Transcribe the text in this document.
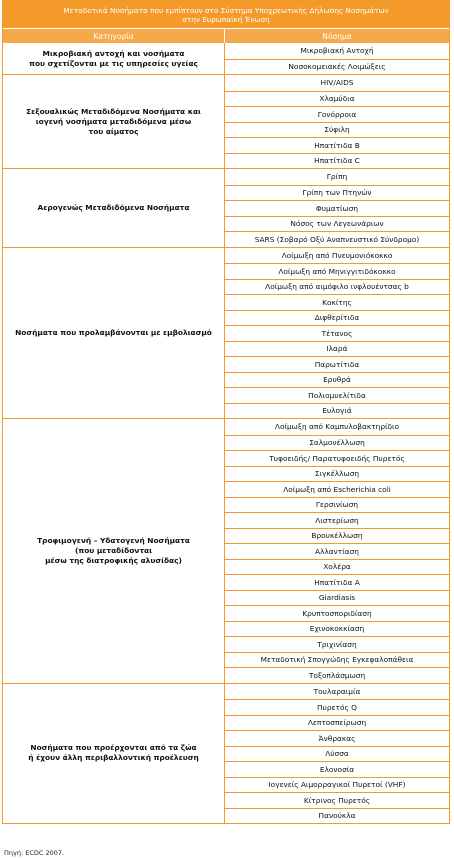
Μεταδοτικά Νοσήματα που εμπίπτουν στο Σύστημα Υποχρεωτικής Δήλωσης Νοσημάτων
στην Ευρωπαϊκή Ένωση
Κατηγορία	Νόσημα
Μικροβιακή αντοχή και νοσήματα
που σχετίζονται με τις υπηρεσίες υγείας
Μικροβιακή Αντοχή
Νοσοκομειακές Λοιμώξεις
Σεξουαλικώς Μεταδιδόμενα Νοσήματα και
ιογενή νοσήματα μεταδιδόμενα μέσω
του αίματος
HIV/AIDS
Χλαμύδια
Γονόρροια
Σύφιλη
Ηπατίτιδα Β
Ηπατίτιδα C
Αερογενώς Μεταδιδόμενα Νοσήματα
Γρίπη
Γρίπη των Πτηνών
Φυματίωση
Νόσος των Λεγεωνάριων
SARS (Σοβαρό Οξύ Αναπνευστικό Σύνδρομο)
Νοσήματα που προλαμβάνονται με εμβολιασμό
Λοίμωξη από Πνευμονιόκοκκο
Λοίμωξη από Μηνιγγιτιδόκοκκο
Λοίμωξη από αιμόφιλο ινφλουέντσας b
Κοκίτης
Διφθερίτιδα
Τέτανος
Ιλαρά
Παρωτίτιδα
Ερυθρά
Πολιομυελίτιδα
Ευλογιά
Τροφιμογενή – Υδατογενή Νοσήματα
(που μεταδίδονται
μέσω της διατροφικής αλυσίδας)
Λοίμωξη από Καμπυλοβακτηρίδιο
Σαλμονέλλωση
Τυφοειδής/ Παρατυφοειδής Πυρετός
Σιγκέλλωση
Λοίμωξη από Escherichia coli
Γερσινίωση
Λιστερίωση
Βρουκέλλωση
Αλλαντίαση
Χολέρα
Ηπατίτιδα Α
Giardiasis
Κρυπτοσποριδίαση
Εχινοκοκκίαση
Τριχινίαση
Μεταδοτική Σπογγώδης Εγκεφαλοπάθεια
Τοξοπλάσμωση
Νοσήματα που προέρχονται από τα ζώα
ή έχουν άλλη περιβαλλοντική προέλευση
Τουλαραιμία
Πυρετός Q
Λεπτοσπείρωση
Άνθρακας
Λύσσα
Ελονοσία
Ιογενείς Αιμορραγικοί Πυρετοί (VHF)
Κίτρινος Πυρετός
Πανούκλα
Πηγή: ECDC 2007.
